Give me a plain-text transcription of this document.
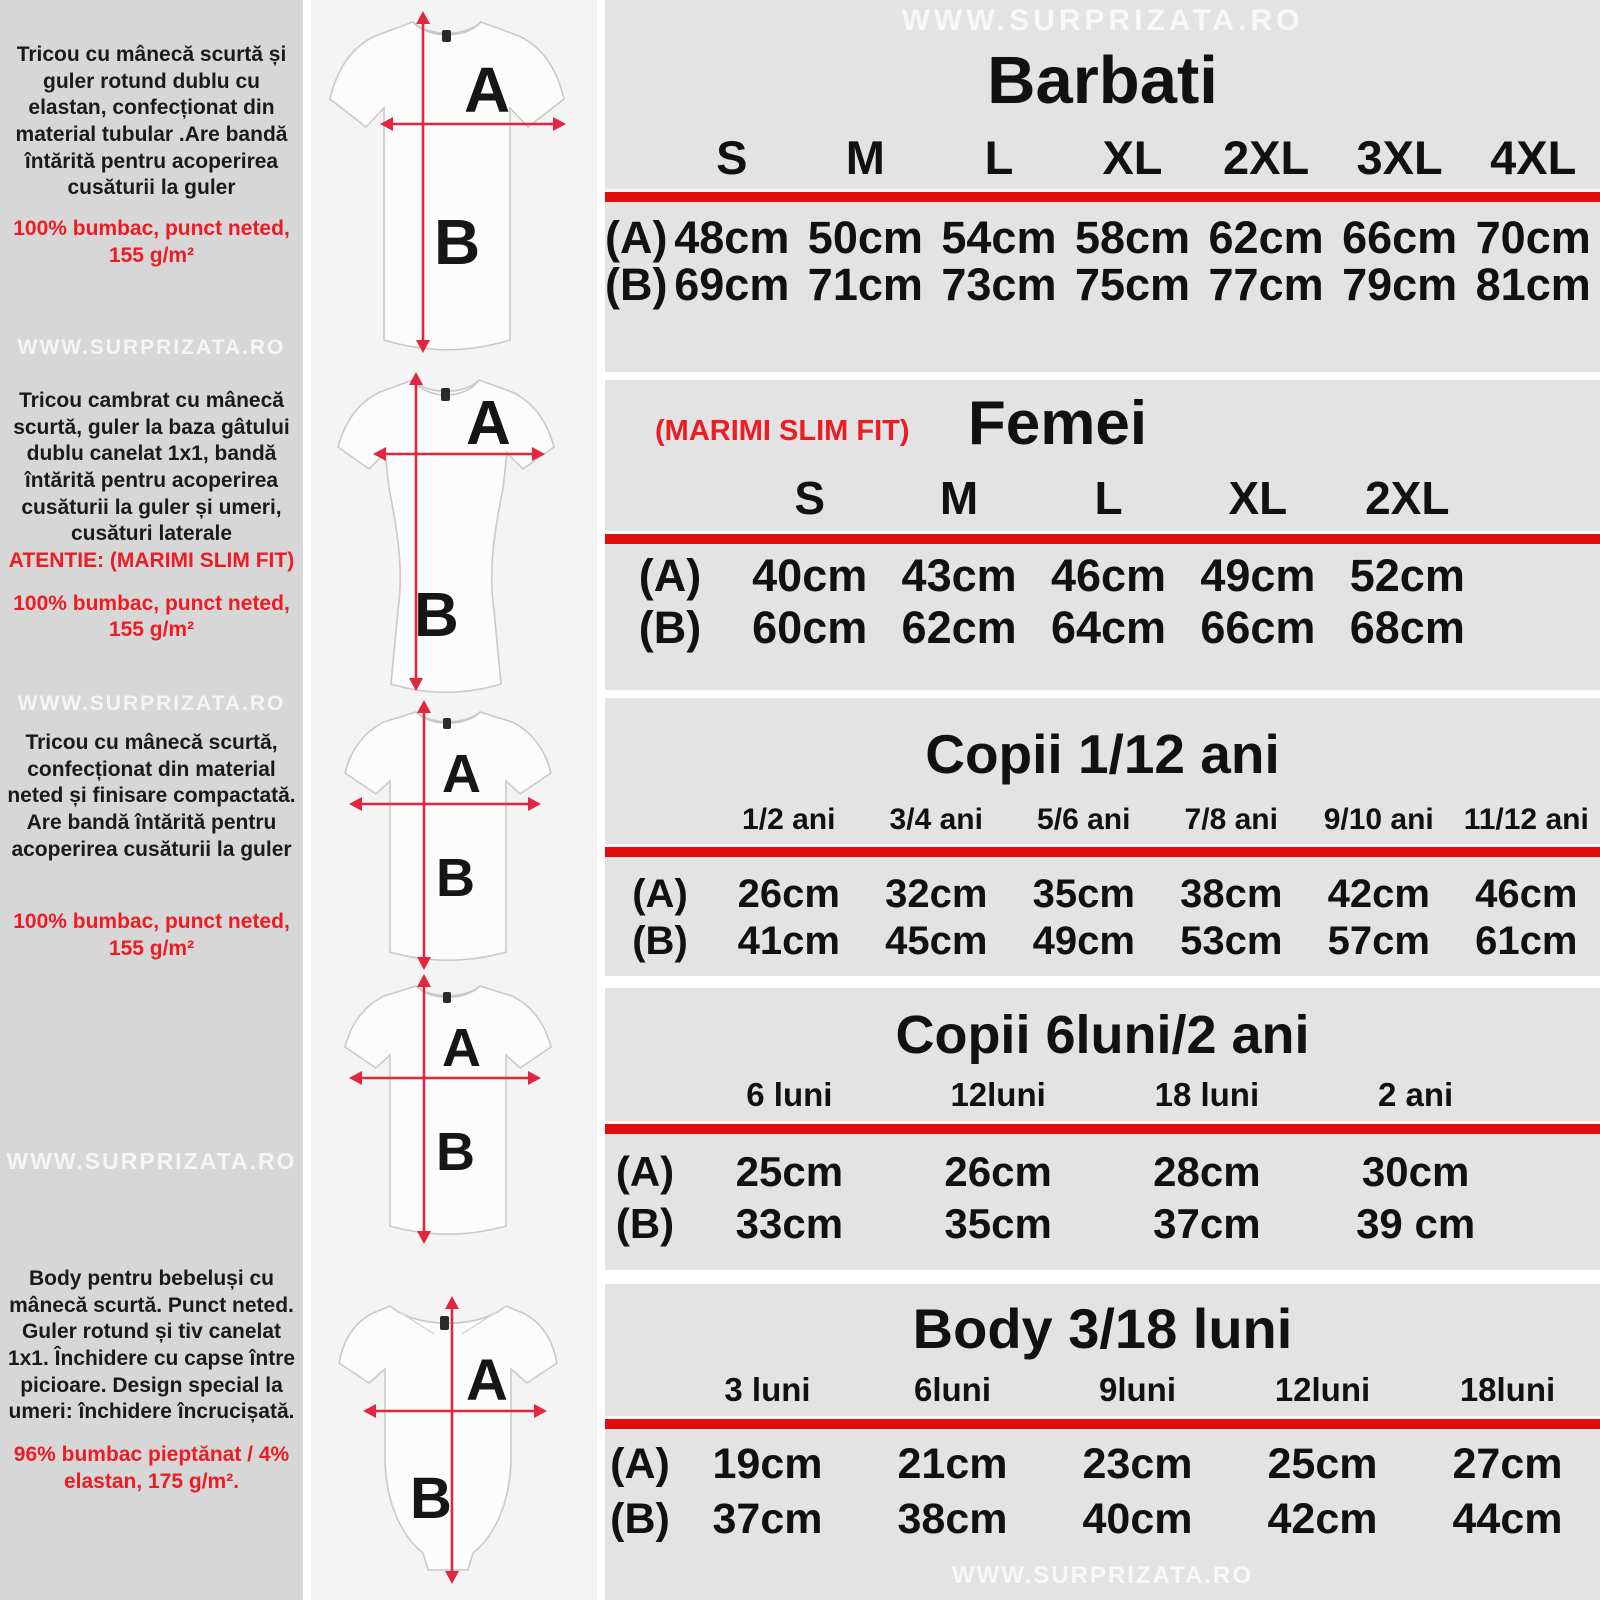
Tricou cu mânecă scurtă și guler rotund dublu cu elastan, confecționat din material tubular .Are bandă întărită pentru acoperirea cusăturii la guler

100% bumbac, punct neted, 155 g/m²

WWW.SURPRIZATA.RO

Tricou cambrat cu mânecă scurtă, guler la baza gâtului dublu canelat 1x1, bandă întărită pentru acoperirea cusăturii la guler și umeri, cusături laterale

ATENTIE: (MARIMI SLIM FIT)

100% bumbac, punct neted, 155 g/m²

WWW.SURPRIZATA.RO

Tricou cu mânecă scurtă, confecționat din material neted și finisare compactată. Are bandă întărită pentru acoperirea cusăturii la guler

100% bumbac, punct neted, 155 g/m²

WWW.SURPRIZATA.RO

Body pentru bebeluși cu mânecă scurtă. Punct neted. Guler rotund și tiv canelat 1x1. Închidere cu capse între picioare. Design special la umeri: închidere încrucișată.

96% bumbac pieptănat / 4% elastan, 175 g/m².

A
B
A
B
A
B
A
B
A
B
WWW.SURPRIZATA.RO
Barbati
S	M	L	XL	2XL	3XL	4XL
(A) 48cm 50cm 54cm 58cm 62cm 66cm 70cm
(B) 69cm 71cm 73cm 75cm 77cm 79cm 81cm
(MARIMI SLIM FIT) Femei
S	M	L	XL	2XL
(A)	40cm 43cm 46cm 49cm 52cm
(B)	60cm 62cm 64cm 66cm 68cm
Copii 1/12 ani
1/2 ani	3/4 ani	5/6 ani	7/8 ani	9/10 ani 11/12 ani
(A)	26cm	32cm	35cm	38cm	42cm	46cm
(B)	41cm	45cm	49cm	53cm	57cm	61cm
Copii 6luni/2 ani
6 luni	12luni	18 luni	2 ani
(A)	25cm	26cm	28cm	30cm
(B)	33cm	35cm	37cm	39 cm
Body 3/18 luni
3 luni	6luni	9luni	12luni	18luni
(A) 19cm	21cm	23cm	25cm	27cm
(B) 37cm	38cm	40cm	42cm	44cm
WWW.SURPRIZATA.RO
